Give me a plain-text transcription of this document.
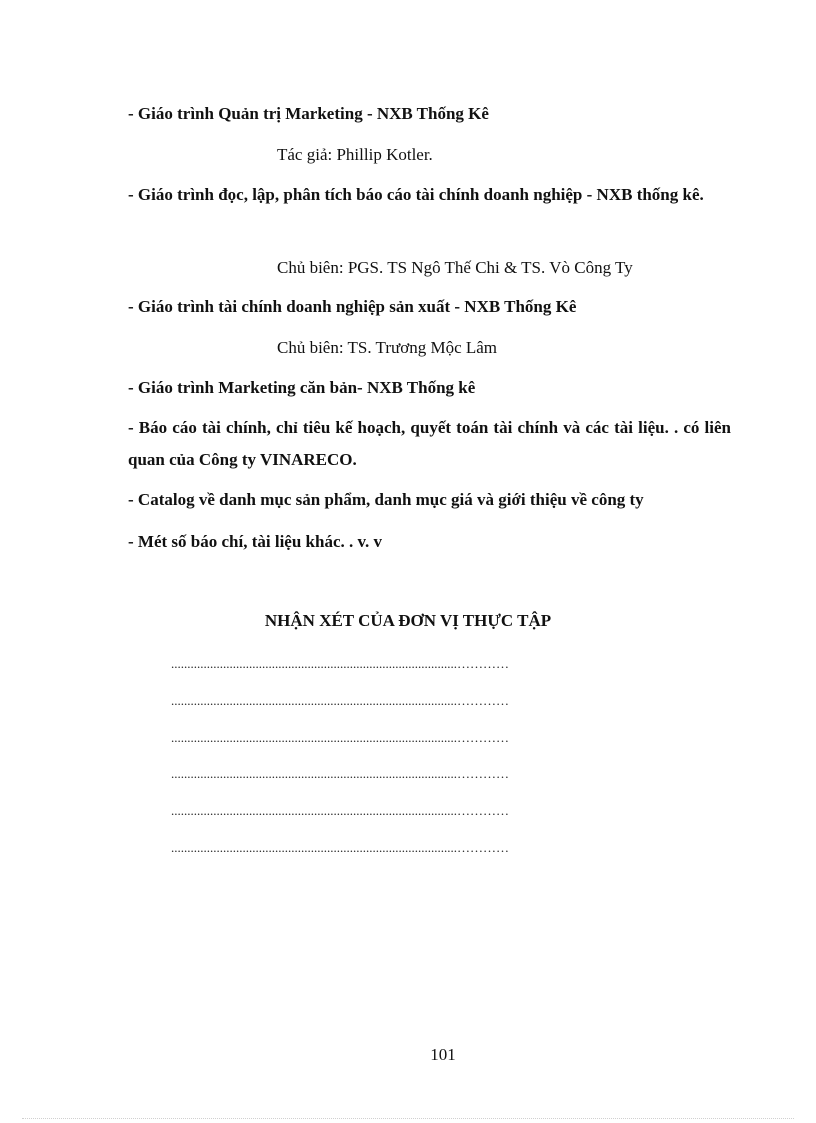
- Giáo trình Quản trị Marketing - NXB Thống Kê
Tác giả: Phillip Kotler.
- Giáo trình đọc, lập, phân tích báo cáo tài chính doanh nghiệp - NXB thống kê.
Chủ biên: PGS. TS Ngô Thế Chi & TS. Vò Công Ty
- Giáo trình tài chính doanh nghiệp sản xuất - NXB Thống Kê
Chủ biên: TS. Trương Mộc Lâm
- Giáo trình Marketing căn bản- NXB Thống kê
- Báo cáo tài chính, chỉ tiêu kế hoạch, quyết toán tài chính và các tài liệu. . có liên quan của Công ty VINARECO.
- Catalog về danh mục sản phẩm, danh mục giá và giới thiệu về công ty
- Mét số báo chí, tài liệu khác. . v. v
NHẬN XÉT CỦA ĐƠN VỊ THỰC TẬP
........................................................................................…………
........................................................................................…………
........................................................................................…………
........................................................................................…………
........................................................................................…………
........................................................................................…………
101
